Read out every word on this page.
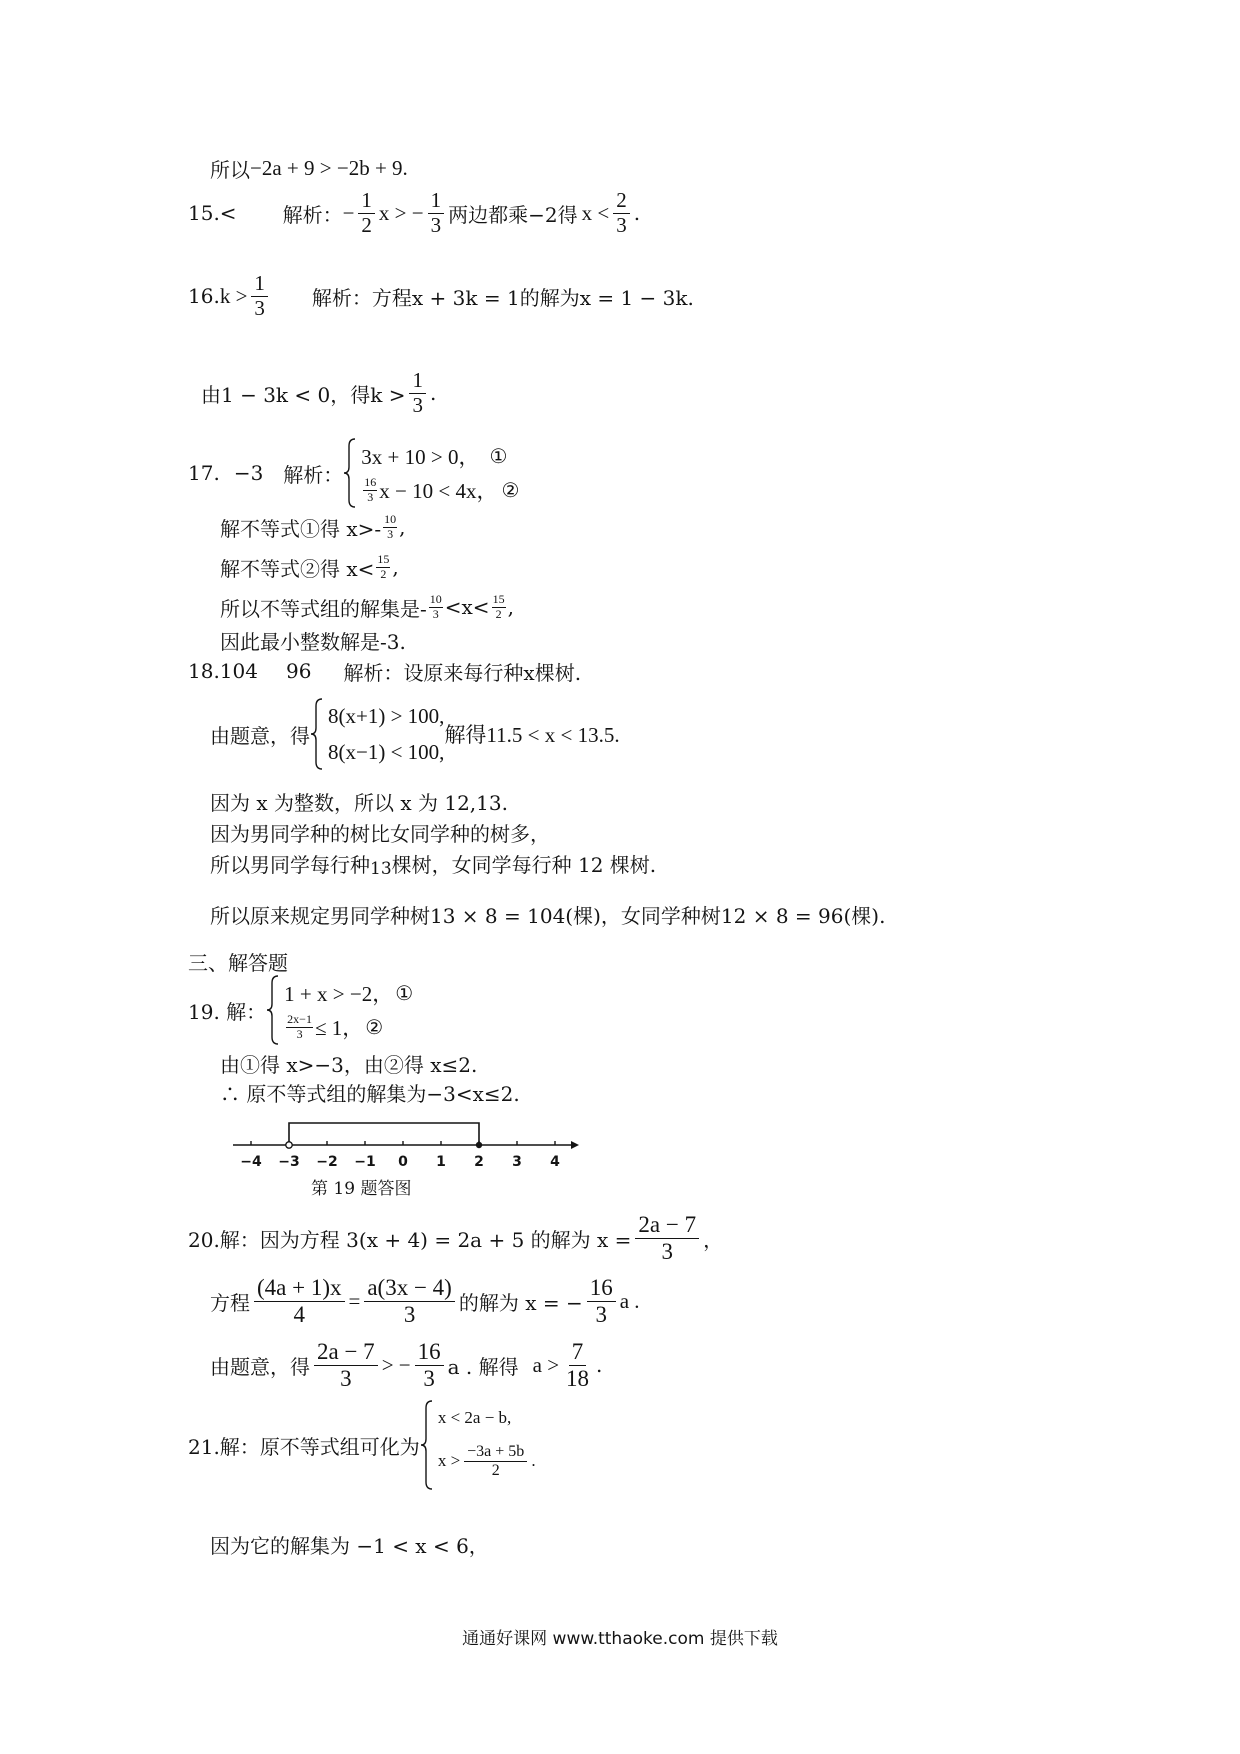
所以 −2a + 9 > −2b + 9.
15.< 解析： − $\frac{1}{2}$ x > − $\frac{1}{3}$ 两边都乘−2得 $x < \frac{2}{3}$ .
16. $k > \frac{1}{3}$ 解析： 方程x + 3k = 1的解为x = 1 − 3k.
由1 − 3k < 0，得$k > \frac{1}{3}$ .
17. −3 解析：
3x + 10 > 0， ①
$\frac{16}{3}$ x − 10 < 4x， ②
解不等式①得 $x>- \frac{10}{3}$ ,
解不等式②得 $x< \frac{15}{2}$ ,
所以不等式组的解集是- $\frac{10}{3} <x< \frac{15}{2}$ ,
因此最小整数解是-3.
18.104 96 解析： 设原来每行种x棵树.
由题意，得
8(x+1) > 100,
8(x−1) < 100,
解得11.5 < x < 13.5.
因为 x 为整数，所以 x 为 12,13.
因为男同学种的树比女同学种的树多，
所以男同学每行种 13 棵树，女同学每行种 12 棵树.
所以原来规定男同学种树13 × 8 = 104(棵)，女同学种树12 × 8 = 96(棵).
三、解答题
19. 解：
1 + x > −2， ①
$\frac{2x-1}{3} \le 1$， ②
由①得 x>−3，由②得 x≤2.
∴ 原不等式组的解集为−3<x≤2.
−4 −3 −2 −1 0 1 2 3 4
第 19 题答图
20.解： 因为方程 3(x + 4) = 2a + 5 的解为 $x = \frac{2a - 7}{3}$ ，
方程 $\frac{(4a + 1)x}{4} = \frac{a(3x - 4)}{3}$ 的解为 x = − $\frac{16}{3}$ a .
由题意，得 $\frac{2a - 7}{3}$ > − $\frac{16}{3}$ a . 解得 $a > \frac{7}{18}$ .
21.解： 原不等式组可化为
x < 2a − b,
$x > \frac{-3a + 5b}{2}$ .
因为它的解集为 −1 < x < 6，
通通好课网 www.tthaoke.com 提供下载
